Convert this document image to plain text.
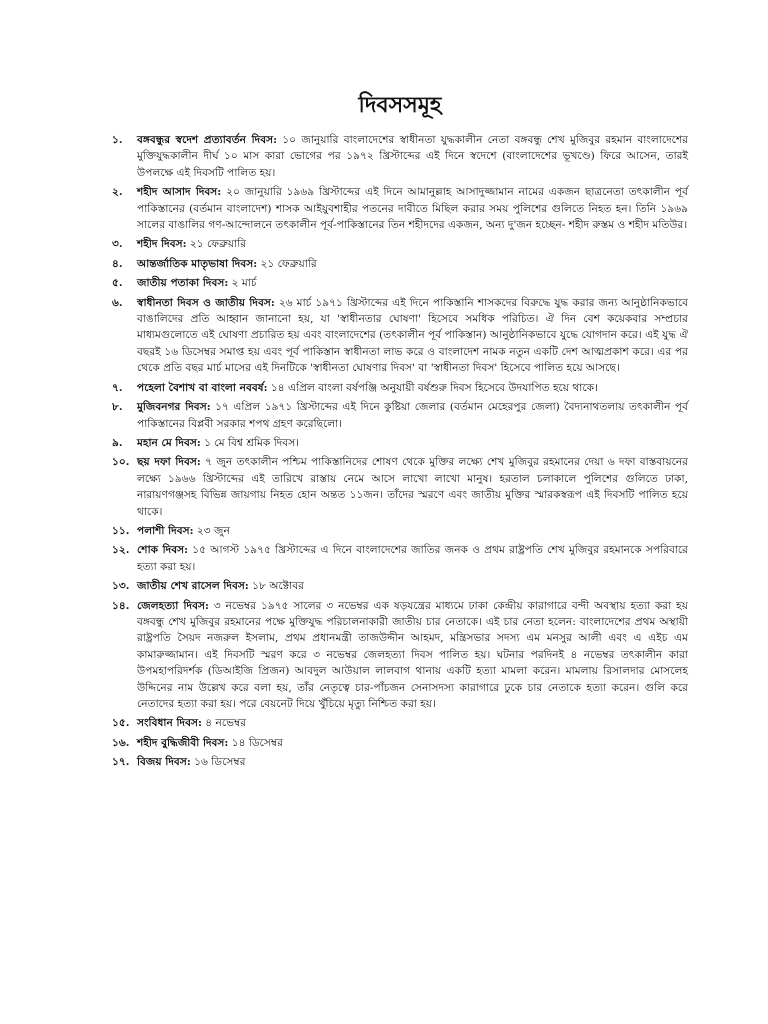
দিবসসমূহ
১. বঙ্গবন্ধুর স্বদেশ প্রত্যাবর্তন দিবস: ১০ জানুয়ারি বাংলাদেশের স্বাধীনতা যুদ্ধকালীন নেতা বঙ্গবন্ধু শেখ মুজিবুর রহমান বাংলাদেশের মুক্তিযুদ্ধকালীন দীর্ঘ ১০ মাস কারা ভোগের পর ১৯৭২ খ্রিস্টাব্দের এই দিনে স্বদেশে (বাংলাদেশের ভূখণ্ডে) ফিরে আসেন, তারই উপলক্ষে এই দিবসটি পালিত হয়।
২. শহীদ আসাদ দিবস: ২০ জানুয়ারি ১৯৬৯ খ্রিস্টাব্দের এই দিনে আমানুল্লাহ আসাদুজ্জামান নামের একজন ছাত্রনেতা তৎকালীন পূর্ব পাকিস্তানের (বর্তমান বাংলাদেশ) শাসক আইয়ুবশাহীর পতনের দাবীতে মিছিল করার সময় পুলিশের গুলিতে নিহত হন। তিনি ১৯৬৯ সালের বাঙালির গণ-আন্দোলনে তৎকালীন পূর্ব-পাকিস্তানের তিন শহীদদের একজন, অন্য দু'জন হচ্ছেন- শহীদ রুস্তম ও শহীদ মতিউর।
৩. শহীদ দিবস: ২১ ফেব্রুয়ারি
৪. আন্তর্জাতিক মাতৃভাষা দিবস: ২১ ফেব্রুয়ারি
৫. জাতীয় পতাকা দিবস: ২ মার্চ
৬. স্বাধীনতা দিবস ও জাতীয় দিবস: ২৬ মার্চ ১৯৭১ খ্রিস্টাব্দের এই দিনে পাকিস্তানি শাসকদের বিরুদ্ধে যুদ্ধ করার জন্য আনুষ্ঠানিকভাবে বাঙালিদের প্রতি আহ্বান জানানো হয়, যা 'স্বাধীনতার ঘোষণা' হিসেবে সমধিক পরিচিত। ঐ দিন বেশ কয়েকবার সম্প্রচার মাধ্যমগুলোতে এই ঘোষণা প্রচারিত হয় এবং বাংলাদেশের (তৎকালীন পূর্ব পাকিস্তান) আনুষ্ঠানিকভাবে যুদ্ধে যোগদান করে। এই যুদ্ধ ঐ বছরই ১৬ ডিসেম্বর সমাপ্ত হয় এবং পূর্ব পাকিস্তান স্বাধীনতা লাভ করে ও বাংলাদেশ নামক নতুন একটি দেশ আত্মপ্রকাশ করে। এর পর থেকে প্রতি বছর মার্চ মাসের এই দিনটিকে 'স্বাধীনতা ঘোষণার দিবস' বা 'স্বাধীনতা দিবস' হিসেবে পালিত হয়ে আসছে।
৭. পহেলা বৈশাখ বা বাংলা নববর্ষ: ১৪ এপ্রিল বাংলা বর্ষপঞ্জি অনুযায়ী বর্ষশুরু দিবস হিসেবে উদযাপিত হয়ে থাকে।
৮. মুজিবনগর দিবস: ১৭ এপ্রিল ১৯৭১ খ্রিস্টাব্দের এই দিনে কুষ্টিয়া জেলার (বর্তমান মেহেরপুর জেলা) বৈদ্যনাথতলায় তৎকালীন পূর্ব পাকিস্তানের বিপ্লবী সরকার শপথ গ্রহণ করেছিলো।
৯. মহান মে দিবস: ১ মে বিশ্ব শ্রমিক দিবস।
১০. ছয় দফা দিবস: ৭ জুন তৎকালীন পশ্চিম পাকিস্তানিদের শোষণ থেকে মুক্তির লক্ষ্যে শেখ মুজিবুর রহমানের দেয়া ৬ দফা বাস্তবায়নের লক্ষ্যে ১৯৬৬ খ্রিস্টাব্দের এই তারিখে রাস্তায় নেমে আসে লাখো লাখো মানুষ। হরতাল চলাকালে পুলিশের গুলিতে ঢাকা, নারায়ণগঞ্জসহ বিভিন্ন জায়গায় নিহত হোন অন্তত ১১জন। তাঁদের স্মরণে এবং জাতীয় মুক্তির স্মারকস্বরূপ এই দিবসটি পালিত হয়ে থাকে।
১১. পলাশী দিবস: ২৩ জুন
১২. শোক দিবস: ১৫ আগস্ট ১৯৭৫ খ্রিস্টাব্দের এ দিনে বাংলাদেশের জাতির জনক ও প্রথম রাষ্ট্রপতি শেখ মুজিবুর রহমানকে সপরিবারে হত্যা করা হয়।
১৩. জাতীয় শেখ রাসেল দিবস: ১৮ অক্টোবর
১৪. জেলহত্যা দিবস: ৩ নভেম্বর ১৯৭৫ সালের ৩ নভেম্বর এক ষড়যন্ত্রের মাধ্যমে ঢাকা কেন্দ্রীয় কারাগারে বন্দী অবস্থায় হত্যা করা হয় বঙ্গবন্ধু শেখ মুজিবুর রহমানের পক্ষে মুক্তিযুদ্ধ পরিচালনাকারী জাতীয় চার নেতাকে। এই চার নেতা হলেন: বাংলাদেশের প্রথম অস্থায়ী রাষ্ট্রপতি সৈয়দ নজরুল ইসলাম, প্রথম প্রধানমন্ত্রী তাজউদ্দীন আহমদ, মন্ত্রিসভার সদস্য এম মনসুর আলী এবং এ এইচ এম কামারুজ্জামান। এই দিবসটি স্মরণ করে ৩ নভেম্বর জেলহত্যা দিবস পালিত হয়। ঘটনার পরদিনই ৪ নভেম্বর তৎকালীন কারা উপমহাপরিদর্শক (ডিআইজি প্রিজন) আবদুল আউয়াল লালবাগ থানায় একটি হত্যা মামলা করেন। মামলায় রিসালদার মোসলেহ উদ্দিনের নাম উল্লেখ করে বলা হয়, তাঁর নেতৃত্বে চার-পাঁচজন সেনাসদস্য কারাগারে ঢুকে চার নেতাকে হত্যা করেন। গুলি করে নেতাদের হত্যা করা হয়। পরে বেয়নেট দিয়ে খুঁচিয়ে মৃত্যু নিশ্চিত করা হয়।
১৫. সংবিধান দিবস: ৪ নভেম্বর
১৬. শহীদ বুদ্ধিজীবী দিবস: ১৪ ডিসেম্বর
১৭. বিজয় দিবস: ১৬ ডিসেম্বর
